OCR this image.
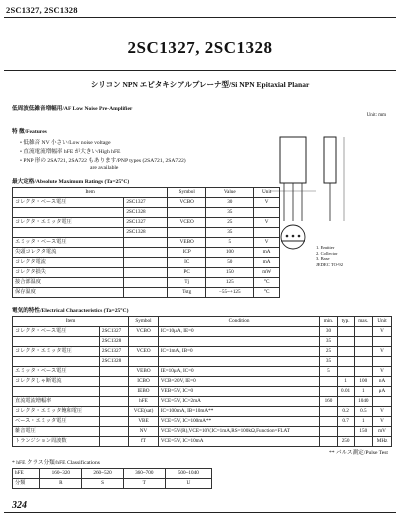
2SC1327, 2SC1328
2SC1327, 2SC1328
シリコン NPN エピタキシアルプレーナ型/Si NPN Epitaxial Planar
低周波低雑音増幅用/AF Low Noise Pre-Amplifier
特 徴/Features
• 低雑音 NV 小さい/Low noise voltage
• 直流電流増幅率 hFE が大きい/High hFE
• PNP 形の 2SA721, 2SA722 もあります/PNP types (2SA721, 2SA722)
are available
Unit: mm
1. Emitter
2. Collector
3. Base
JEDEC TO-92
最大定格/Absolute Maximum Ratings (Ta=25°C)
Item		Symbol	Value	Unit
コレクタ・ベース電圧	2SC1327	VCBO	30	V
	2SC1328		35	
コレクタ・エミッタ電圧	2SC1327	VCEO	25	V
	2SC1328		35	
エミッタ・ベース電圧		VEBO	5	V
尖頭コレクタ電流		ICP	100	mA
コレクタ電流		IC	50	mA
コレクタ損失		PC	150	mW
接合部温度		Tj	125	°C
保存温度		Tstg	−55~+125	°C
電気的特性/Electrical Characteristics (Ta=25°C)
Item		Symbol	Condition	min.	typ.	max.	Unit
コレクタ・ベース電圧	2SC1327	VCBO	IC=10μA, IE=0	30			V
	2SC1328			35			
コレクタ・エミッタ電圧	2SC1327	VCEO	IC=1mA, IB=0	25			V
	2SC1328			35			
エミッタ・ベース電圧		VEBO	IE=10μA, IC=0	5			V
コレクタしゃ断電流		ICBO	VCB=20V, IE=0		1	100	nA
		IEBO	VEB=5V, IC=0		0.01	1	μA
直流電流増幅率		hFE	VCE=5V, IC=2mA	160		1040	
コレクタ・エミッタ飽和電圧		VCE(sat)	IC=100mA, IB=10mA**		0.2	0.5	V
ベース・エミッタ電圧		VBE	VCE=5V, IC=100mA**		0.7	1	V
雑音電圧		NV	VCE=5V(R),VCE=10V,IC=1mA,RS=100kΩ,Function=FLAT			150	mV
トランジション周波数		fT	VCE=5V, IC=10mA		250		MHz
** パルス測定/Pulse Test
* hFE クラス分類/hFE Classifications
hFE	160~320	260~520	360~700	500~1040
分類	R	S	T	U
324
